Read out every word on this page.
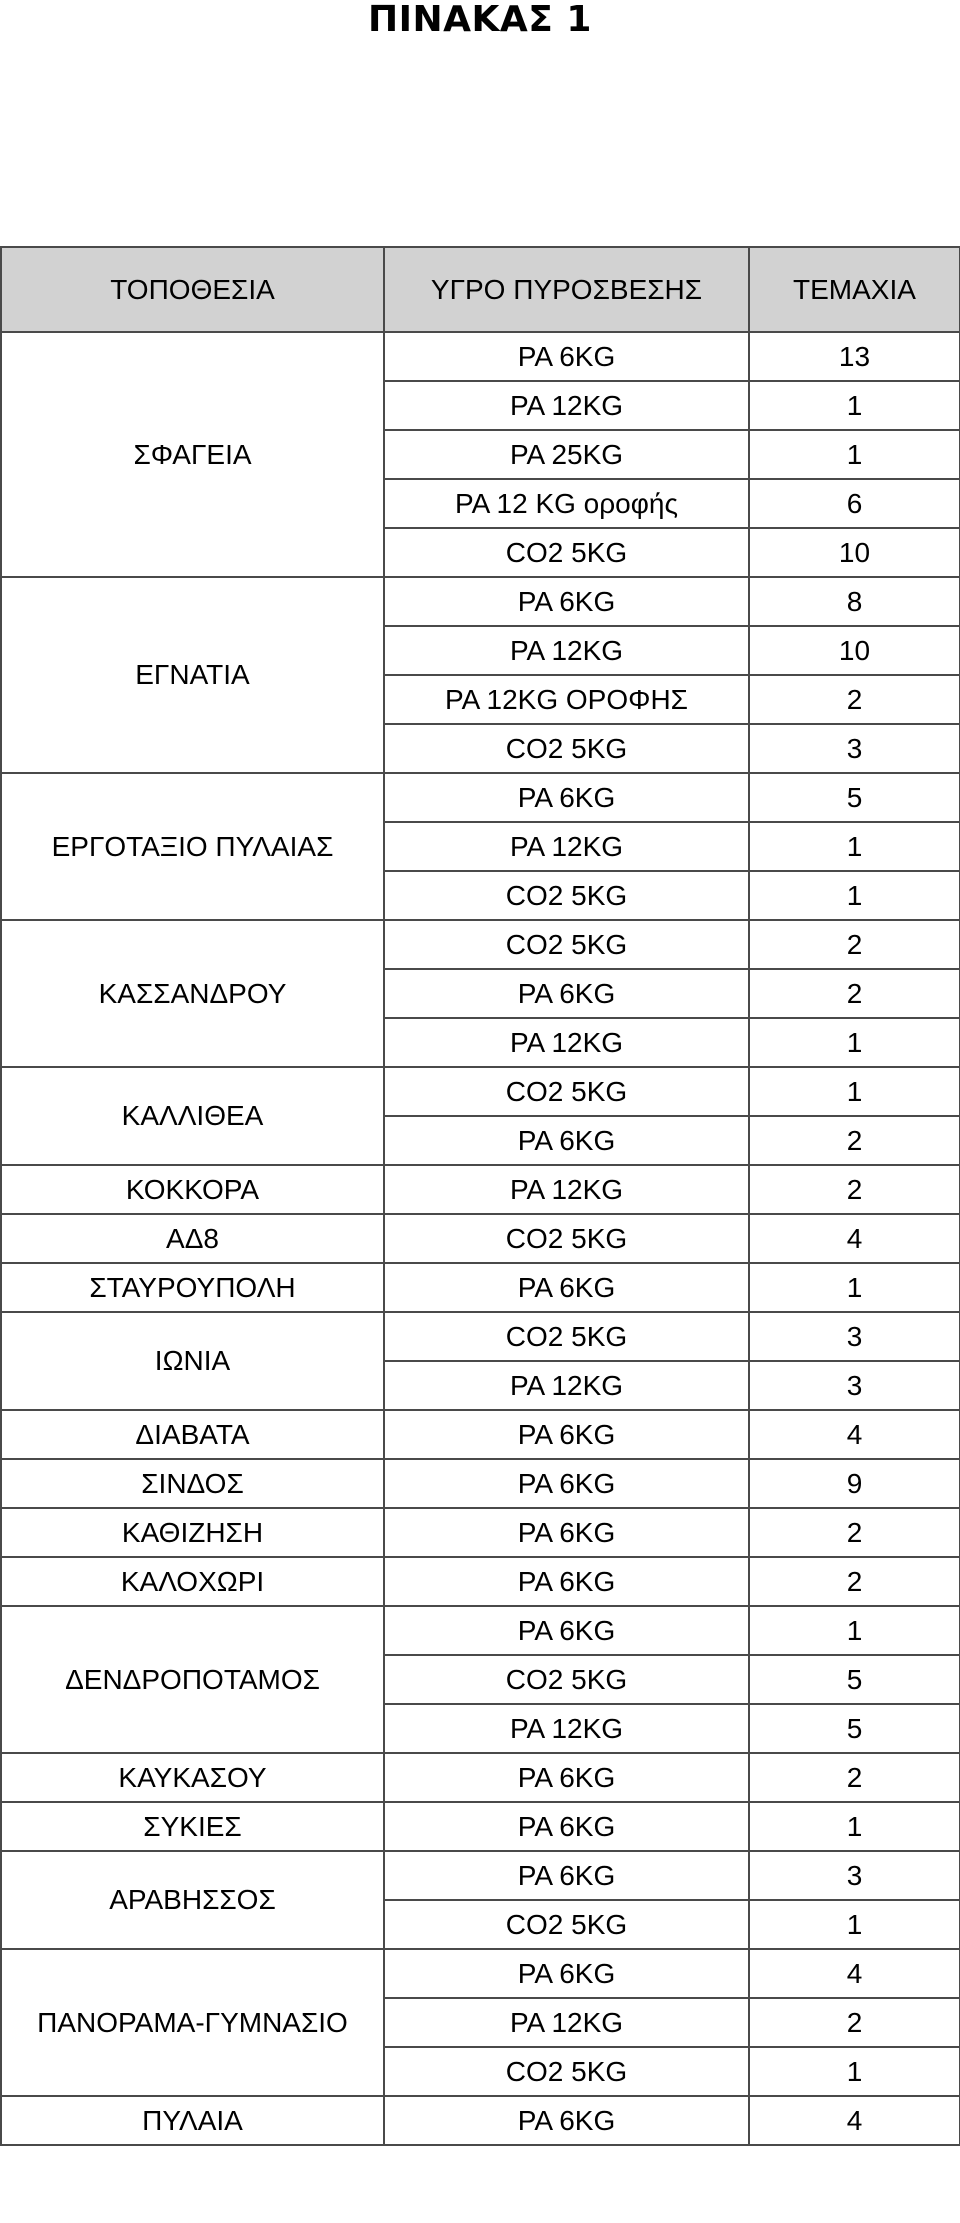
ΠΙΝΑΚΑΣ 1
ΤΟΠΟΘΕΣΙΑ	ΥΓΡΟ ΠΥΡΟΣΒΕΣΗΣ	ΤΕΜΑΧΙΑ
ΣΦΑΓΕΙΑ	PA 6KG	13
	PA 12KG	1
	PA 25KG	1
	PA 12 KG οροφής	6
	CO2 5KG	10
ΕΓΝΑΤΙΑ	PA 6KG	8
	PA 12KG	10
	PA 12KG ΟΡΟΦΗΣ	2
	CO2 5KG	3
ΕΡΓΟΤΑΞΙΟ ΠΥΛΑΙΑΣ	PA 6KG	5
	PA 12KG	1
	CO2 5KG	1
ΚΑΣΣΑΝΔΡΟΥ	CO2 5KG	2
	PA 6KG	2
	PA 12KG	1
ΚΑΛΛΙΘΕΑ	CO2 5KG	1
	PA 6KG	2
ΚΟΚΚΟΡΑ	PA 12KG	2
ΑΔ8	CO2 5KG	4
ΣΤΑΥΡΟΥΠΟΛΗ	PA 6KG	1
ΙΩΝΙΑ	CO2 5KG	3
	PA 12KG	3
ΔΙΑΒΑΤΑ	PA 6KG	4
ΣΙΝΔΟΣ	PA 6KG	9
ΚΑΘΙΖΗΣΗ	PA 6KG	2
ΚΑΛΟΧΩΡΙ	PA 6KG	2
ΔΕΝΔΡΟΠΟΤΑΜΟΣ	PA 6KG	1
	CO2 5KG	5
	PA 12KG	5
ΚΑΥΚΑΣΟΥ	PA 6KG	2
ΣΥΚΙΕΣ	PA 6KG	1
ΑΡΑΒΗΣΣΟΣ	PA 6KG	3
	CO2 5KG	1
ΠΑΝΟΡΑΜΑ-ΓΥΜΝΑΣΙΟ	PA 6KG	4
	PA 12KG	2
	CO2 5KG	1
ΠΥΛΑΙΑ	PA 6KG	4
